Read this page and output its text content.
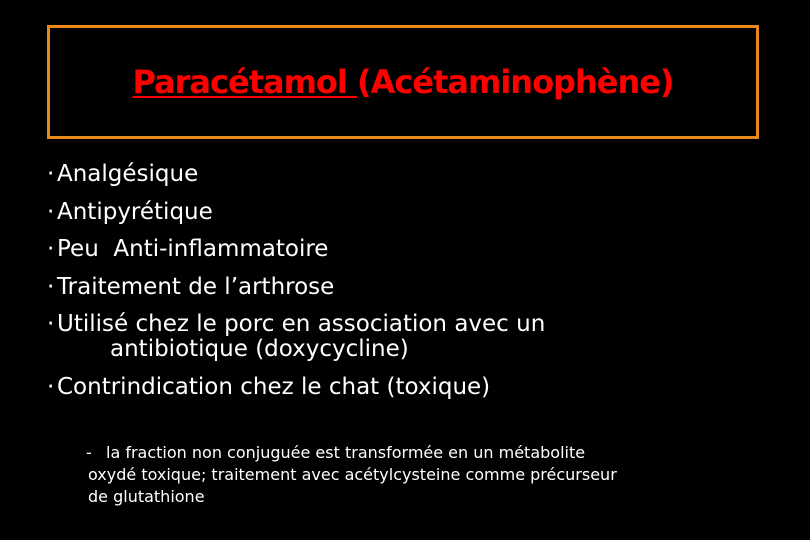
Paracétamol (Acétaminophène)
· Analgésique
· Antipyrétique
· Peu  Anti-inflammatoire
· Traitement de l’arthrose
· Utilisé chez le porc en association avec un
antibiotique (doxycycline)
· Contrindication chez le chat (toxique)
- la fraction non conjuguée est transformée en un métabolite
oxydé toxique; traitement avec acétylcysteine comme précurseur
de glutathione
